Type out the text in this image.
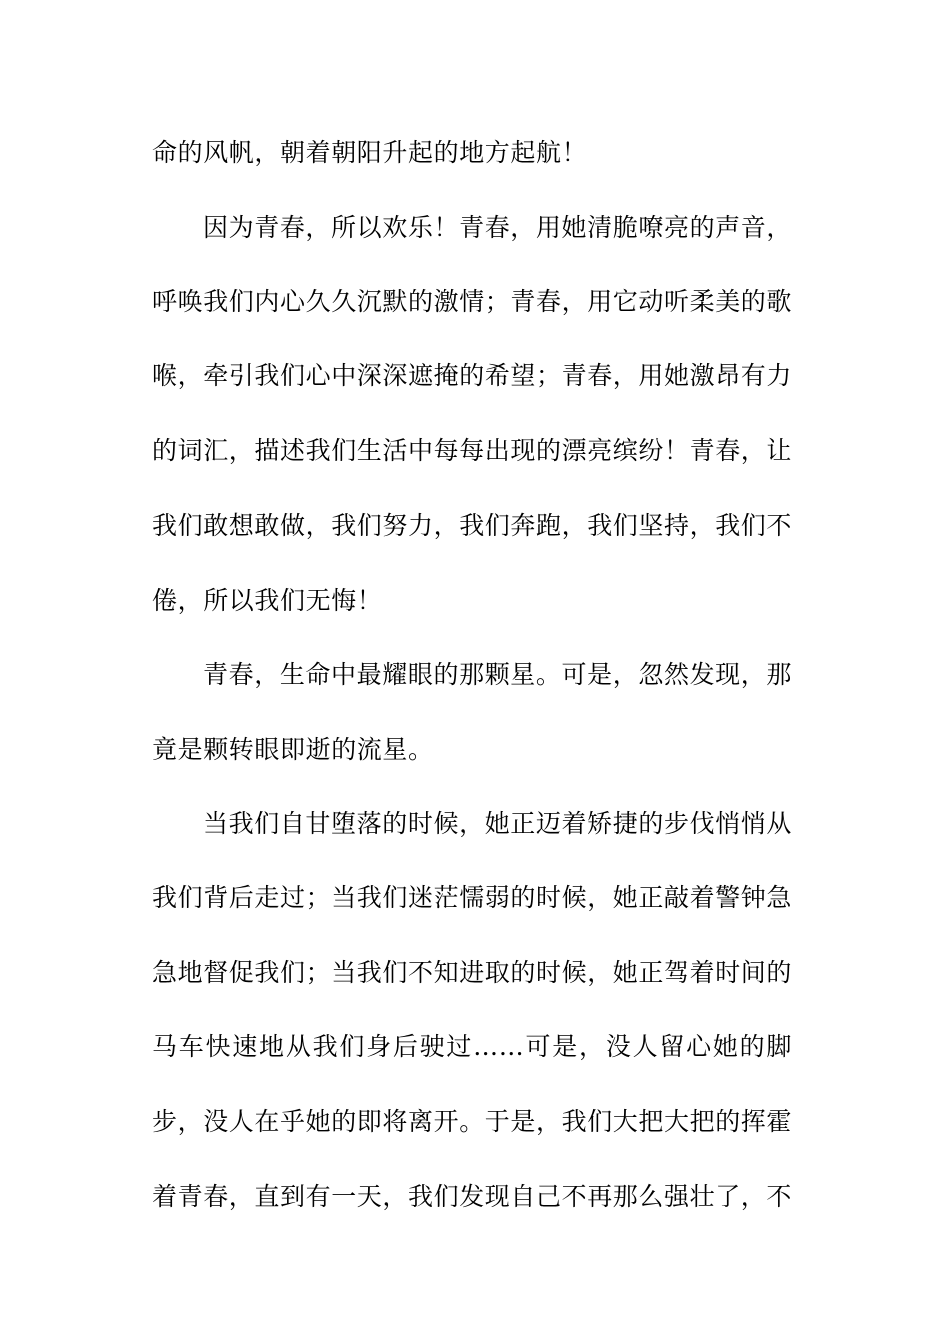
命的风帆，朝着朝阳升起的地方起航！
因为青春，所以欢乐！青春，用她清脆嘹亮的声音，
呼唤我们内心久久沉默的激情；青春，用它动听柔美的歌
喉，牵引我们心中深深遮掩的希望；青春，用她激昂有力
的词汇，描述我们生活中每每出现的漂亮缤纷！青春，让
我们敢想敢做，我们努力，我们奔跑，我们坚持，我们不
倦，所以我们无悔！
青春，生命中最耀眼的那颗星。可是，忽然发现，那
竟是颗转眼即逝的流星。
当我们自甘堕落的时候，她正迈着矫捷的步伐悄悄从
我们背后走过；当我们迷茫懦弱的时候，她正敲着警钟急
急地督促我们；当我们不知进取的时候，她正驾着时间的
马车快速地从我们身后驶过……可是，没人留心她的脚
步，没人在乎她的即将离开。于是，我们大把大把的挥霍
着青春，直到有一天，我们发现自己不再那么强壮了，不
